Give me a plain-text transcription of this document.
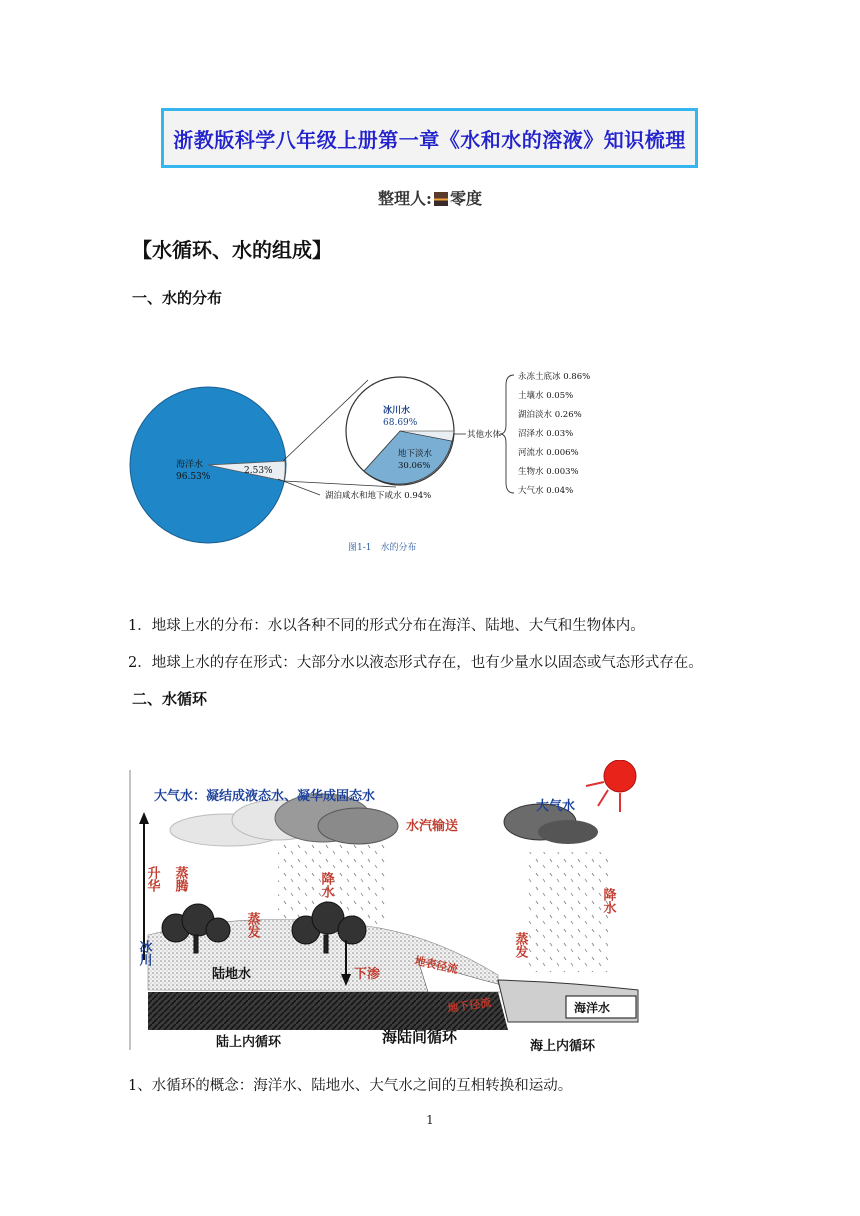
浙教版科学八年级上册第一章《水和水的溶液》知识梳理
整理人: 零度
【水循环、水的组成】
一、水的分布
海洋水
96.53%
2.53%
湖泊咸水和地下咸水 0.94%
冰川水
68.69%
地下淡水
30.06%
其他水体
永冻土底冰 0.86%
土壤水 0.05%
湖泊淡水 0.26%
沼泽水 0.03%
河流水 0.006%
生物水 0.003%
大气水 0.04%
图1-1　水的分布
1．地球上水的分布：水以各种不同的形式分布在海洋、陆地、大气和生物体内。
2．地球上水的存在形式：大部分水以液态形式存在，也有少量水以固态或气态形式存在。
二、水循环
大气水：凝结成液态水、凝华成固态水
大气水
水汽输送
升华 蒸腾	降水
降水
蒸发
蒸发
冰川
陆地水	下渗	地表径流
地下径流	海洋水
陆上内循环	海陆间循环
海上内循环
1、水循环的概念：海洋水、陆地水、大气水之间的互相转换和运动。
1
